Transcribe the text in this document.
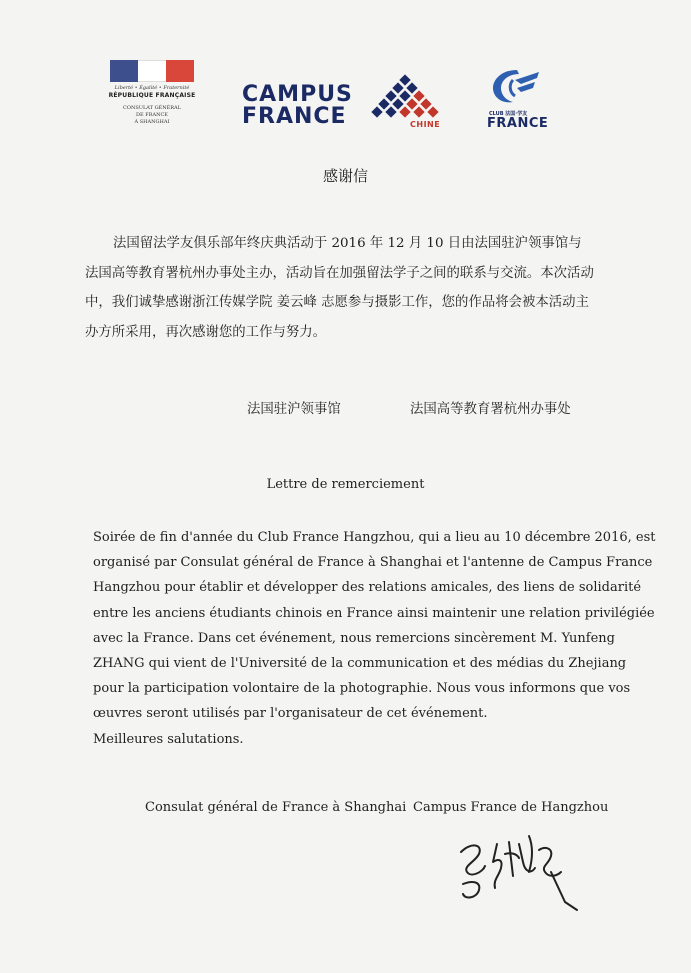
Liberté • Égalité • Fraternité
RÉPUBLIQUE FRANÇAISE
CONSULAT GÉNÉRAL
DE FRANCE
À SHANGHAI
CAMPUS
FRANCE	CHINE
CLUB 法国·学友
FRANCE
感谢信

法国留法学友俱乐部年终庆典活动于 2016 年 12 月 10 日由法国驻沪领事馆与法国高等教育署杭州办事处主办，活动旨在加强留法学子之间的联系与交流。本次活动中，我们诚挚感谢浙江传媒学院 姜云峰 志愿参与摄影工作，您的作品将会被本活动主办方所采用，再次感谢您的工作与努力。

法国驻沪领事馆	法国高等教育署杭州办事处
Lettre de remerciement
Soirée de fin d'année du Club France Hangzhou, qui a lieu au 10 décembre 2016, est
organisé par Consulat général de France à Shanghai et l'antenne de Campus France
Hangzhou pour établir et développer des relations amicales, des liens de solidarité
entre les anciens étudiants chinois en France ainsi maintenir une relation privilégiée
avec la France. Dans cet événement, nous remercions sincèrement M. Yunfeng
ZHANG qui vient de l'Université de la communication et des médias du Zhejiang
pour la participation volontaire de la photographie. Nous vous informons que vos
œuvres seront utilisés par l'organisateur de cet événement.
Meilleures salutations.
Consulat général de France à Shanghai Campus France de Hangzhou
